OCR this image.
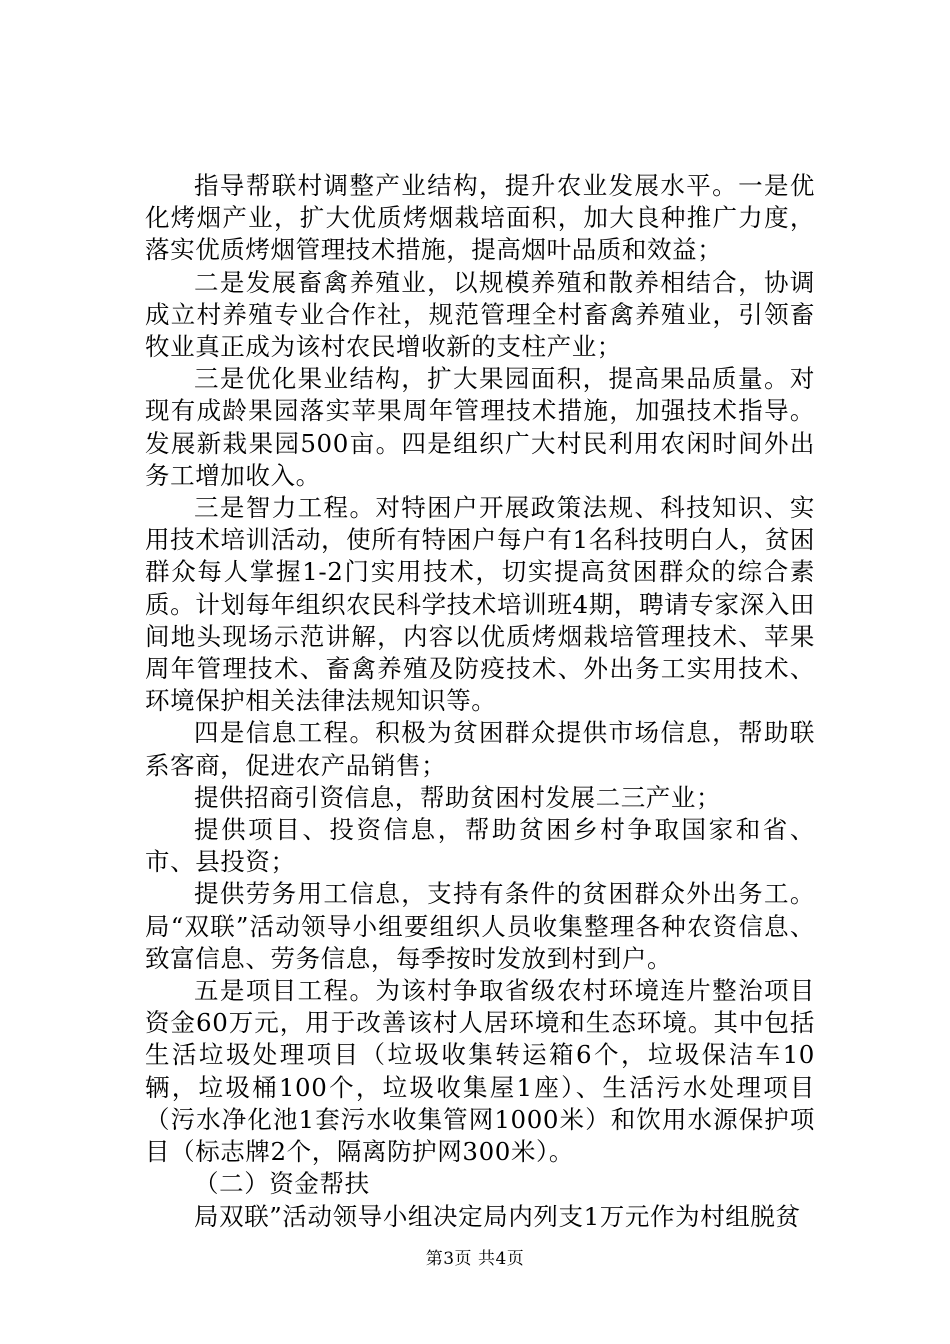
指导帮联村调整产业结构，提升农业发展水平。一是优化烤烟产业，扩大优质烤烟栽培面积，加大良种推广力度，落实优质烤烟管理技术措施，提高烟叶品质和效益；

二是发展畜禽养殖业，以规模养殖和散养相结合，协调成立村养殖专业合作社，规范管理全村畜禽养殖业，引领畜牧业真正成为该村农民增收新的支柱产业；

三是优化果业结构，扩大果园面积，提高果品质量。对现有成龄果园落实苹果周年管理技术措施，加强技术指导。发展新栽果园500亩。四是组织广大村民利用农闲时间外出务工增加收入。

三是智力工程。对特困户开展政策法规、科技知识、实用技术培训活动，使所有特困户每户有1名科技明白人，贫困群众每人掌握1-2门实用技术，切实提高贫困群众的综合素质。计划每年组织农民科学技术培训班4期，聘请专家深入田间地头现场示范讲解，内容以优质烤烟栽培管理技术、苹果周年管理技术、畜禽养殖及防疫技术、外出务工实用技术、环境保护相关法律法规知识等。

四是信息工程。积极为贫困群众提供市场信息，帮助联系客商，促进农产品销售；

提供招商引资信息，帮助贫困村发展二三产业；

提供项目、投资信息，帮助贫困乡村争取国家和省、市、县投资；

提供劳务用工信息，支持有条件的贫困群众外出务工。局“双联”活动领导小组要组织人员收集整理各种农资信息、致富信息、劳务信息，每季按时发放到村到户。

五是项目工程。为该村争取省级农村环境连片整治项目资金60万元，用于改善该村人居环境和生态环境。其中包括生活垃圾处理项目（垃圾收集转运箱6个，垃圾保洁车10辆，垃圾桶100个，垃圾收集屋1座）、生活污水处理项目（污水净化池1套污水收集管网1000米）和饮用水源保护项目（标志牌2个，隔离防护网300米）。

（二）资金帮扶

局双联”活动领导小组决定局内列支1万元作为村组脱贫

第3页 共4页
